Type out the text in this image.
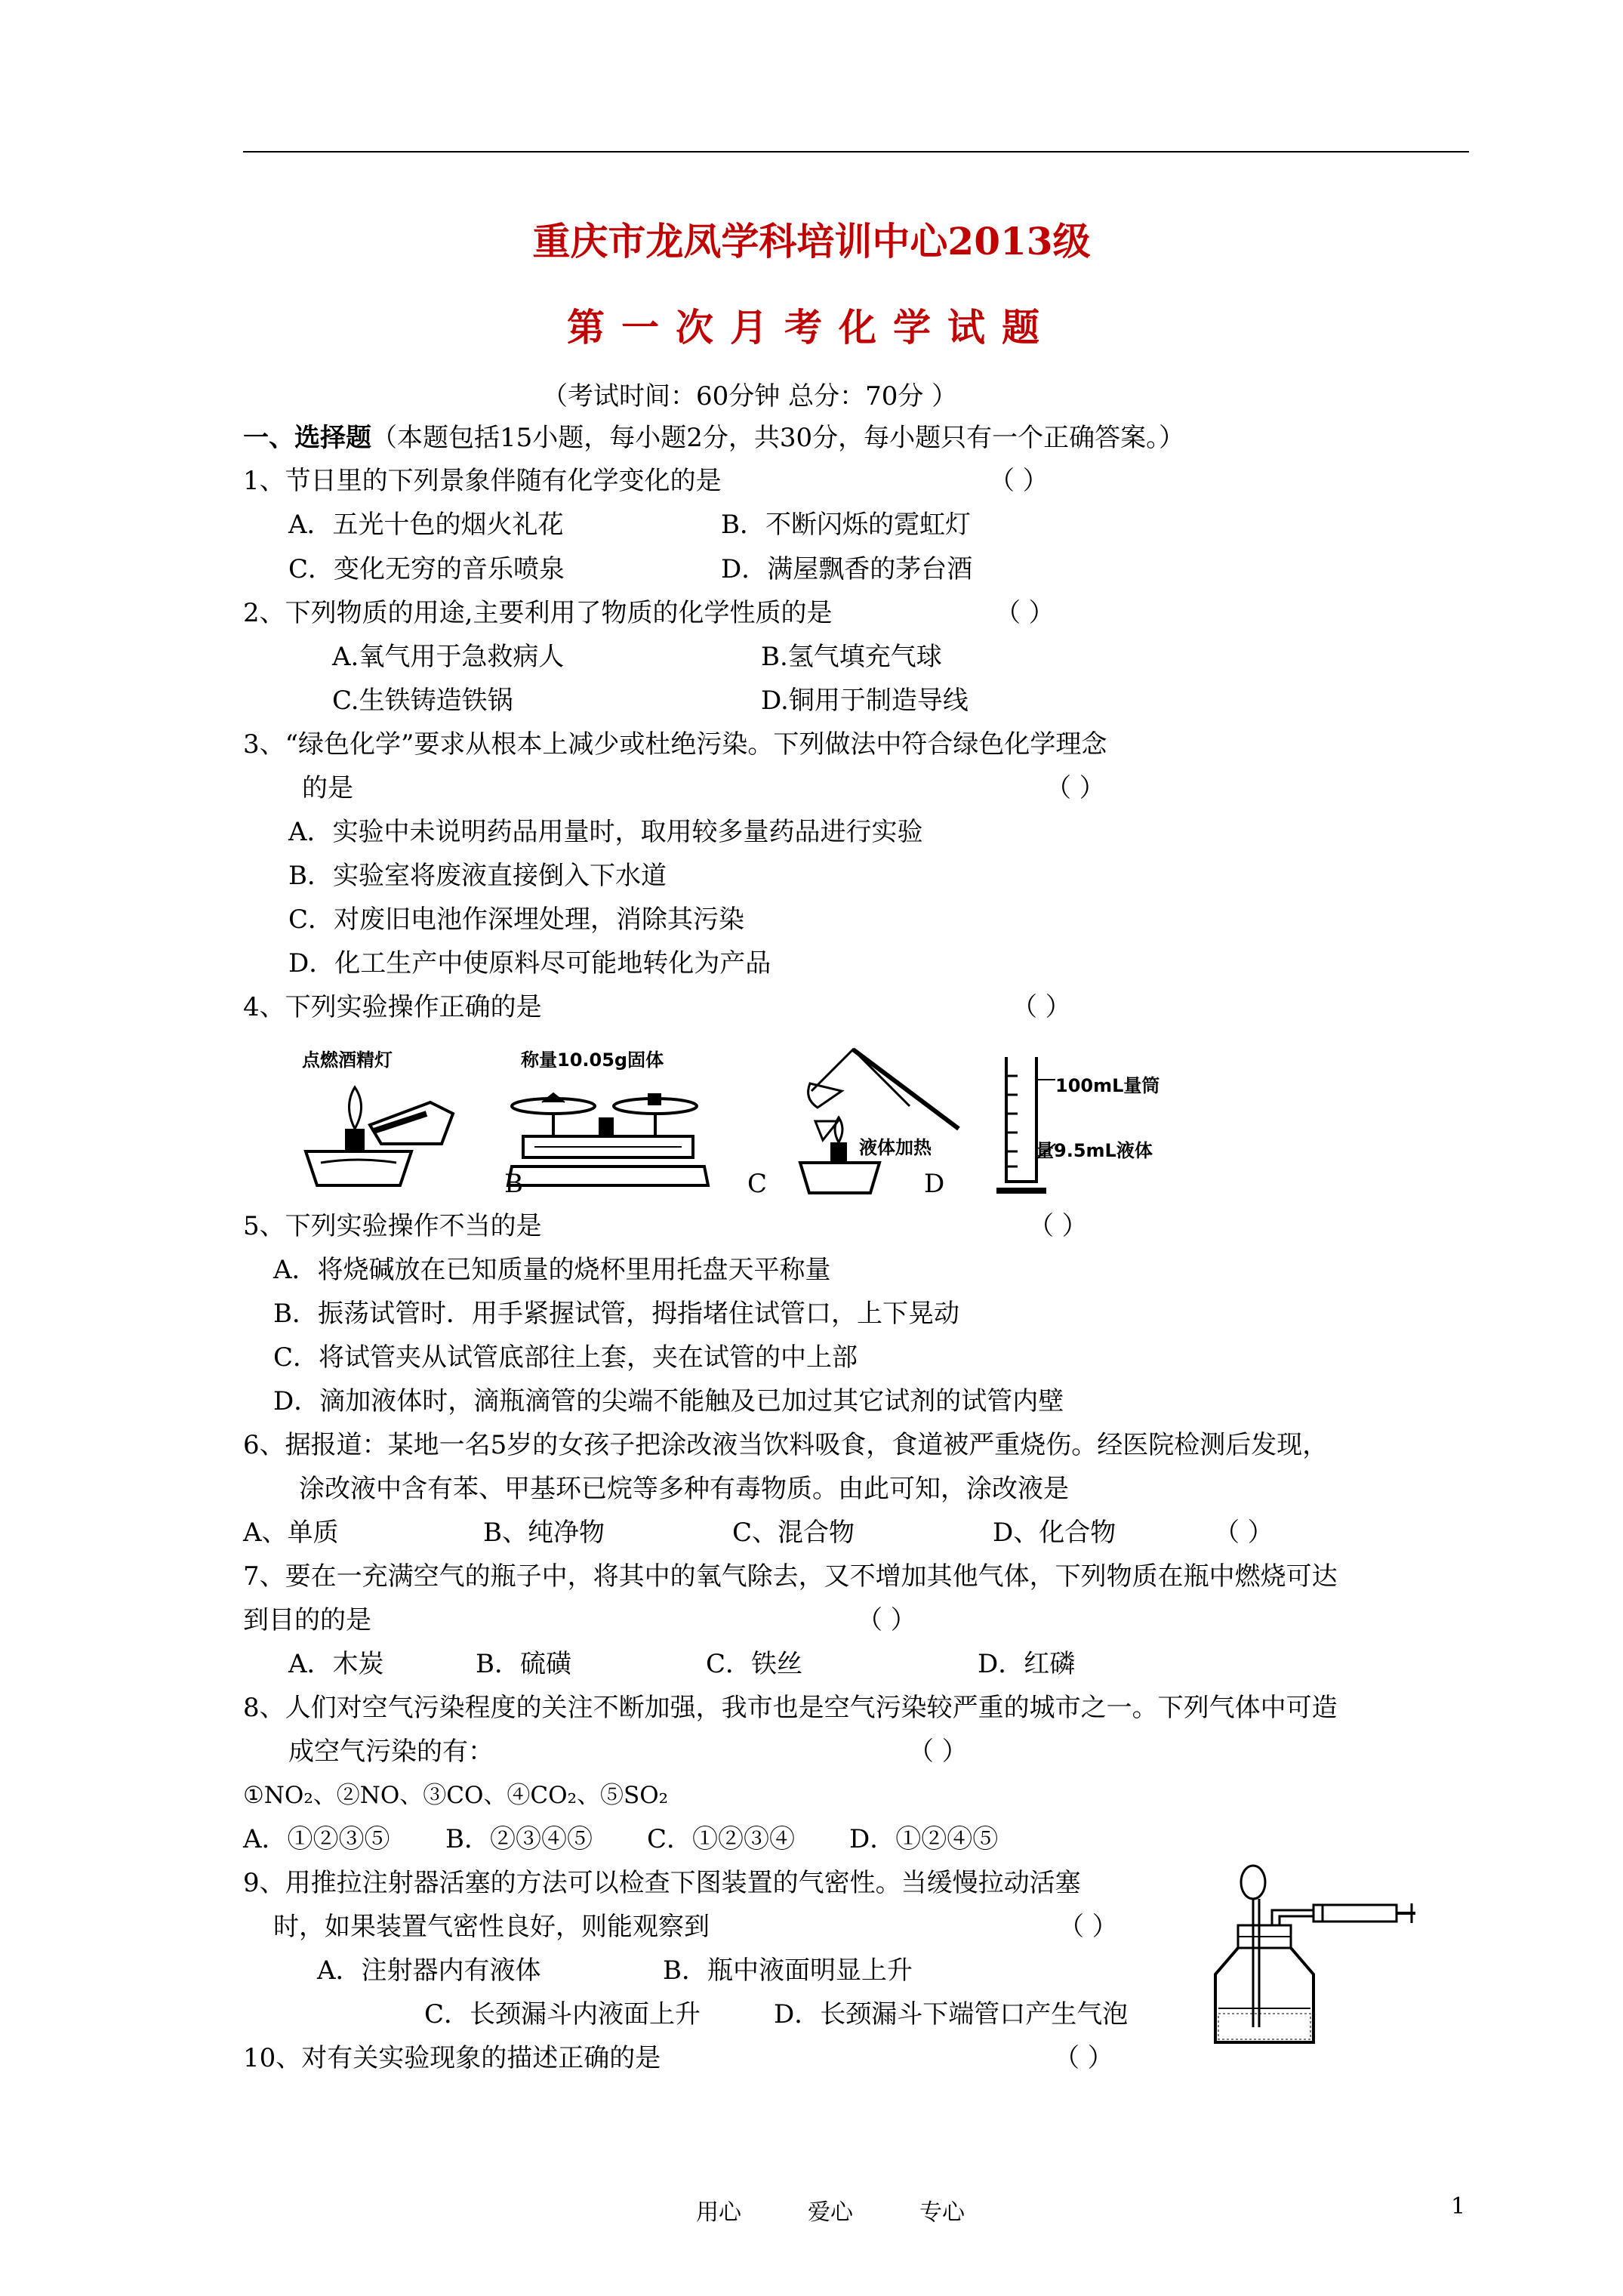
重庆市龙凤学科培训中心2013级
第一次月考化学试题
（考试时间：60分钟 总分：70分 ）
一、选择题（本题包括15小题，每小题2分，共30分，每小题只有一个正确答案。）
1、节日里的下列景象伴随有化学变化的是	（ ）
A．五光十色的烟火礼花	B．不断闪烁的霓虹灯
C．变化无穷的音乐喷泉	D．满屋飘香的茅台酒
2、下列物质的用途,主要利用了物质的化学性质的是	（ ）
A.氧气用于急救病人	B.氢气填充气球
C.生铁铸造铁锅	D.铜用于制造导线
3、“绿色化学”要求从根本上减少或杜绝污染。下列做法中符合绿色化学理念
的是	（ ）
A．实验中未说明药品用量时，取用较多量药品进行实验
B．实验室将废液直接倒入下水道
C．对废旧电池作深埋处理，消除其污染
D．化工生产中使原料尽可能地转化为产品
4、下列实验操作正确的是	（ ）
点燃酒精灯	称量10.05g固体
B
液体加热
C	D
100mL量筒
量9.5mL液体
5、下列实验操作不当的是	（ ）
A．将烧碱放在已知质量的烧杯里用托盘天平称量
B．振荡试管时．用手紧握试管，拇指堵住试管口，上下晃动
C．将试管夹从试管底部往上套，夹在试管的中上部
D．滴加液体时，滴瓶滴管的尖端不能触及已加过其它试剂的试管内壁
6、据报道：某地一名5岁的女孩子把涂改液当饮料吸食，食道被严重烧伤。经医院检测后发现，
涂改液中含有苯、甲基环已烷等多种有毒物质。由此可知，涂改液是
A、单质	B、纯净物	C、混合物	D、化合物	（ ）
7、要在一充满空气的瓶子中，将其中的氧气除去，又不增加其他气体，下列物质在瓶中燃烧可达
到目的的是	（ ）
A．木炭	B．硫磺	C．铁丝	D．红磷
8、人们对空气污染程度的关注不断加强，我市也是空气污染较严重的城市之一。下列气体中可造
成空气污染的有：	（ ）
①NO₂、②NO、③CO、④CO₂、⑤SO₂
A．①②③⑤ B．②③④⑤ C．①②③④ D．①②④⑤
9、用推拉注射器活塞的方法可以检查下图装置的气密性。当缓慢拉动活塞
时，如果装置气密性良好，则能观察到	（ ）
A．注射器内有液体	B．瓶中液面明显上升
C．长颈漏斗内液面上升	D．长颈漏斗下端管口产生气泡
10、对有关实验现象的描述正确的是	（ ）
用心	爱心	专心	1
